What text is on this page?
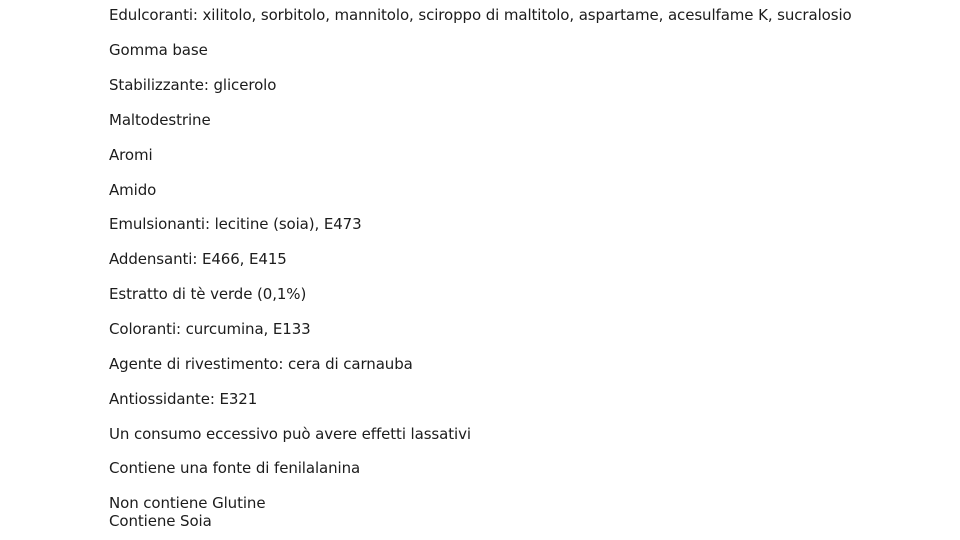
Edulcoranti: xilitolo, sorbitolo, mannitolo, sciroppo di maltitolo, aspartame, acesulfame K, sucralosio
Gomma base
Stabilizzante: glicerolo
Maltodestrine
Aromi
Amido
Emulsionanti: lecitine (soia), E473
Addensanti: E466, E415
Estratto di tè verde (0,1%)
Coloranti: curcumina, E133
Agente di rivestimento: cera di carnauba
Antiossidante: E321
Un consumo eccessivo può avere effetti lassativi
Contiene una fonte di fenilalanina
Non contiene Glutine
Contiene Soia
